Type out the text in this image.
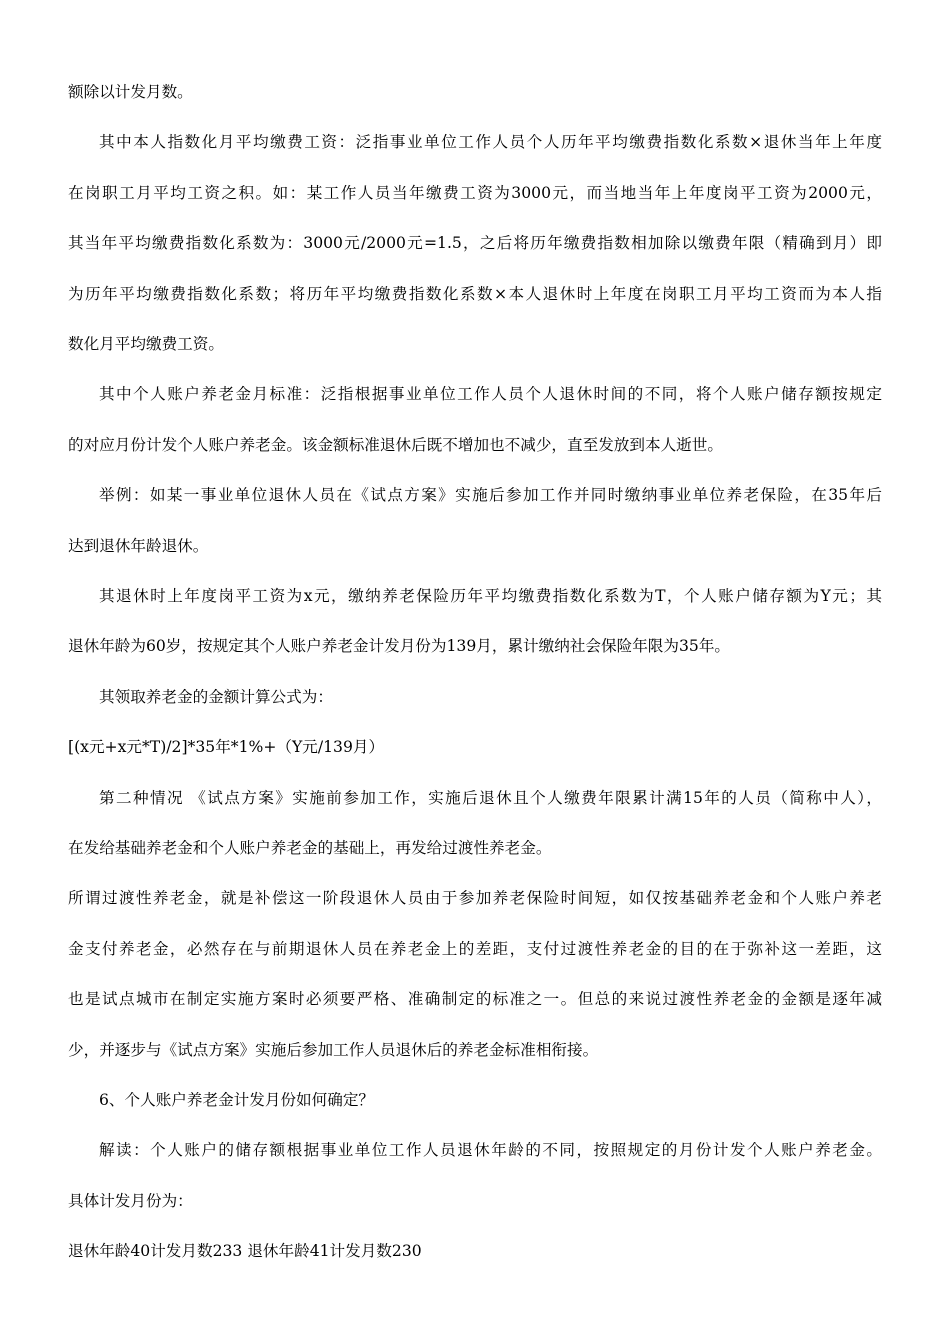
额除以计发月数。
其中本人指数化月平均缴费工资：泛指事业单位工作人员个人历年平均缴费指数化系数×退休当年上年度
在岗职工月平均工资之积。如：某工作人员当年缴费工资为3000元，而当地当年上年度岗平工资为2000元，
其当年平均缴费指数化系数为：3000元/2000元=1.5，之后将历年缴费指数相加除以缴费年限（精确到月）即
为历年平均缴费指数化系数；将历年平均缴费指数化系数×本人退休时上年度在岗职工月平均工资而为本人指
数化月平均缴费工资。
其中个人账户养老金月标准：泛指根据事业单位工作人员个人退休时间的不同，将个人账户储存额按规定
的对应月份计发个人账户养老金。该金额标准退休后既不增加也不减少，直至发放到本人逝世。
举例：如某一事业单位退休人员在《试点方案》实施后参加工作并同时缴纳事业单位养老保险，在35年后
达到退休年龄退休。
其退休时上年度岗平工资为x元，缴纳养老保险历年平均缴费指数化系数为T，个人账户储存额为Y元；其
退休年龄为60岁，按规定其个人账户养老金计发月份为139月，累计缴纳社会保险年限为35年。
其领取养老金的金额计算公式为：
[(x元+x元*T)/2]*35年*1%+（Y元/139月）
第二种情况 《试点方案》实施前参加工作，实施后退休且个人缴费年限累计满15年的人员（简称中人），
在发给基础养老金和个人账户养老金的基础上，再发给过渡性养老金。
所谓过渡性养老金，就是补偿这一阶段退休人员由于参加养老保险时间短，如仅按基础养老金和个人账户养老
金支付养老金，必然存在与前期退休人员在养老金上的差距，支付过渡性养老金的目的在于弥补这一差距，这
也是试点城市在制定实施方案时必须要严格、准确制定的标准之一。但总的来说过渡性养老金的金额是逐年减
少，并逐步与《试点方案》实施后参加工作人员退休后的养老金标准相衔接。
6、个人账户养老金计发月份如何确定？
解读：个人账户的储存额根据事业单位工作人员退休年龄的不同，按照规定的月份计发个人账户养老金。
具体计发月份为：
退休年龄40计发月数233 退休年龄41计发月数230
